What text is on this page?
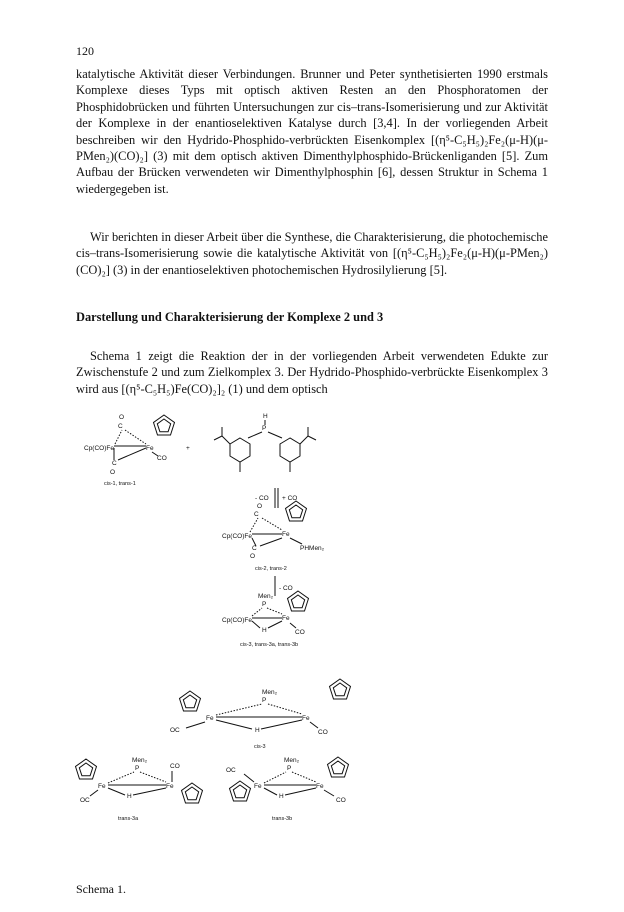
120

katalytische Aktivität dieser Verbindungen. Brunner und Peter synthetisierten 1990 erstmals Komplexe dieses Typs mit optisch aktiven Resten an den Phosphoratomen der Phosphidobrücken und führten Untersuchungen zur cis–trans-Isomerisierung und zur Aktivität der Komplexe in der enantioselektiven Katalyse durch [3,4]. In der vorliegenden Arbeit beschreiben wir den Hydrido-Phosphido-verbrückten Eisenkomplex [(η⁵-C₅H₅)₂Fe₂(μ-H)(μ-PMen₂)(CO)₂] (3) mit dem optisch aktiven Dimenthylphosphido-Brückenliganden [5]. Zum Aufbau der Brücken verwendeten wir Dimenthylphosphin [6], dessen Struktur in Schema 1 wiedergegeben ist.

Wir berichten in dieser Arbeit über die Synthese, die Charakterisierung, die photochemische cis–trans-Isomerisierung sowie die katalytische Aktivität von [(η⁵-C₅H₅)₂Fe₂(μ-H)(μ-PMen₂)(CO)₂] (3) in der enantioselektiven photochemischen Hydrosilylierung [5].

Darstellung und Charakterisierung der Komplexe 2 und 3

Schema 1 zeigt die Reaktion der in der vorliegenden Arbeit verwendeten Edukte zur Zwischenstufe 2 und zum Zielkomplex 3. Der Hydrido-Phosphido-verbrückte Eisenkomplex 3 wird aus [(η⁵-C₅H₅)Fe(CO)₂]₂ (1) und dem optisch

Cp(CO)Fe	Fe
CO
C
O
C
O
cis-1, trans-1
+
H
P
- CO + CO
Cp(CO)Fe	Fe
C
O
C
O
PHMen₂
cis-2, trans-2
- CO
Cp(CO)Fe	Fe
Men₂
P
H	CO
cis-3, trans-3a, trans-3b
OC
Fe	Fe
Men₂
P
H	CO
cis-3
Fe	Fe
Men₂
P
H
CO
OC
trans-3a
OC
Fe	Fe
Men₂
P
H
CO
trans-3b
Schema 1.
